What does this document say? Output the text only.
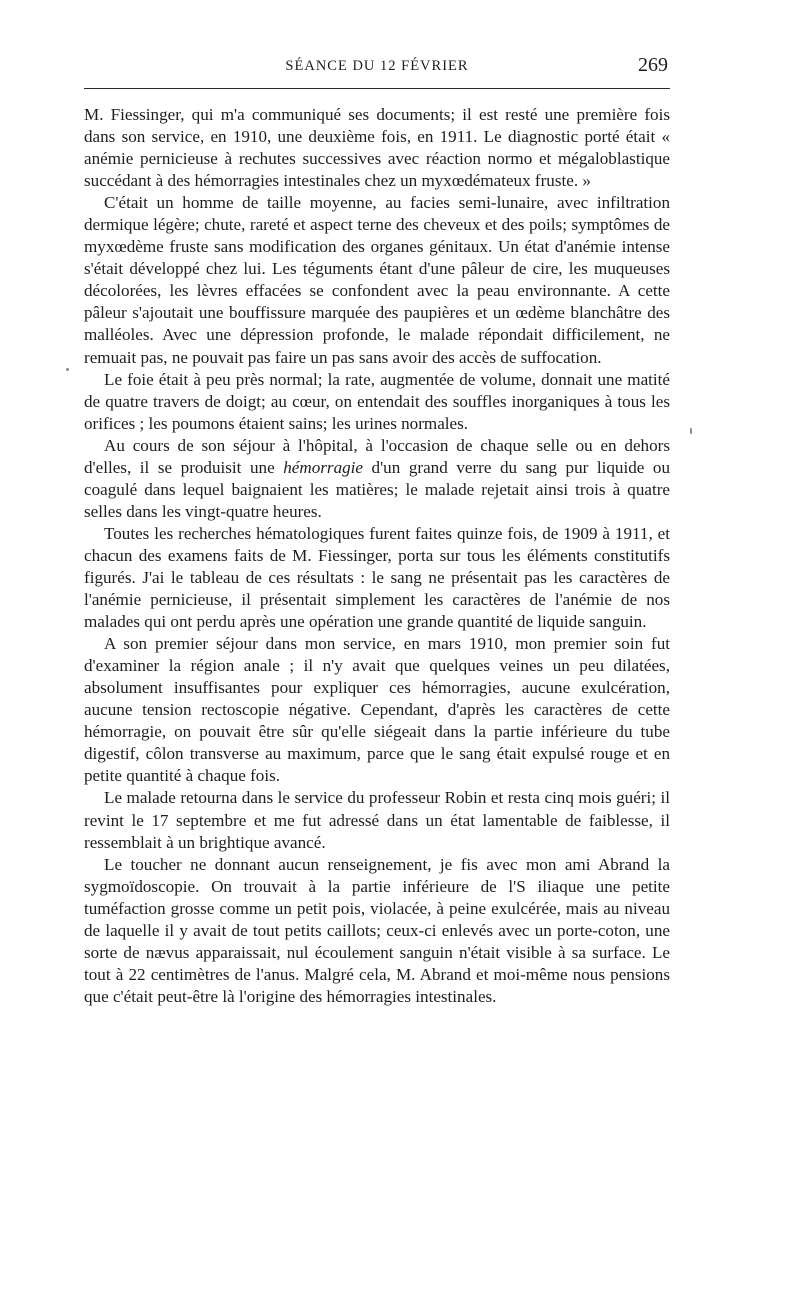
SÉANCE DU 12 FÉVRIER	269

M. Fiessinger, qui m'a communiqué ses documents; il est resté une première fois dans son service, en 1910, une deuxième fois, en 1911. Le diagnostic porté était « anémie pernicieuse à rechutes successives avec réaction normo et mégaloblastique succédant à des hémorragies intestinales chez un myxœdémateux fruste. »

C'était un homme de taille moyenne, au facies semi-lunaire, avec infiltration dermique légère; chute, rareté et aspect terne des cheveux et des poils; symptômes de myxœdème fruste sans modification des organes génitaux. Un état d'anémie intense s'était développé chez lui. Les téguments étant d'une pâleur de cire, les muqueuses décolorées, les lèvres effacées se confondent avec la peau environnante. A cette pâleur s'ajoutait une bouffissure marquée des paupières et un œdème blanchâtre des malléoles. Avec une dépression profonde, le malade répondait difficilement, ne remuait pas, ne pouvait pas faire un pas sans avoir des accès de suffocation.

Le foie était à peu près normal; la rate, augmentée de volume, donnait une matité de quatre travers de doigt; au cœur, on entendait des souffles inorganiques à tous les orifices ; les poumons étaient sains; les urines normales.

Au cours de son séjour à l'hôpital, à l'occasion de chaque selle ou en dehors d'elles, il se produisit une hémorragie d'un grand verre du sang pur liquide ou coagulé dans lequel baignaient les matières; le malade rejetait ainsi trois à quatre selles dans les vingt-quatre heures.

Toutes les recherches hématologiques furent faites quinze fois, de 1909 à 1911, et chacun des examens faits de M. Fiessinger, porta sur tous les éléments constitutifs figurés. J'ai le tableau de ces résultats : le sang ne présentait pas les caractères de l'anémie pernicieuse, il présentait simplement les caractères de l'anémie de nos malades qui ont perdu après une opération une grande quantité de liquide sanguin.

A son premier séjour dans mon service, en mars 1910, mon premier soin fut d'examiner la région anale ; il n'y avait que quelques veines un peu dilatées, absolument insuffisantes pour expliquer ces hémorragies, aucune exulcération, aucune tension rectoscopie négative. Cependant, d'après les caractères de cette hémorragie, on pouvait être sûr qu'elle siégeait dans la partie inférieure du tube digestif, côlon transverse au maximum, parce que le sang était expulsé rouge et en petite quantité à chaque fois.

Le malade retourna dans le service du professeur Robin et resta cinq mois guéri; il revint le 17 septembre et me fut adressé dans un état lamentable de faiblesse, il ressemblait à un brightique avancé.

Le toucher ne donnant aucun renseignement, je fis avec mon ami Abrand la sygmoïdoscopie. On trouvait à la partie inférieure de l'S iliaque une petite tuméfaction grosse comme un petit pois, violacée, à peine exulcérée, mais au niveau de laquelle il y avait de tout petits caillots; ceux-ci enlevés avec un porte-coton, une sorte de nævus apparaissait, nul écoulement sanguin n'était visible à sa surface. Le tout à 22 centimètres de l'anus. Malgré cela, M. Abrand et moi-même nous pensions que c'était peut-être là l'origine des hémorragies intestinales.
